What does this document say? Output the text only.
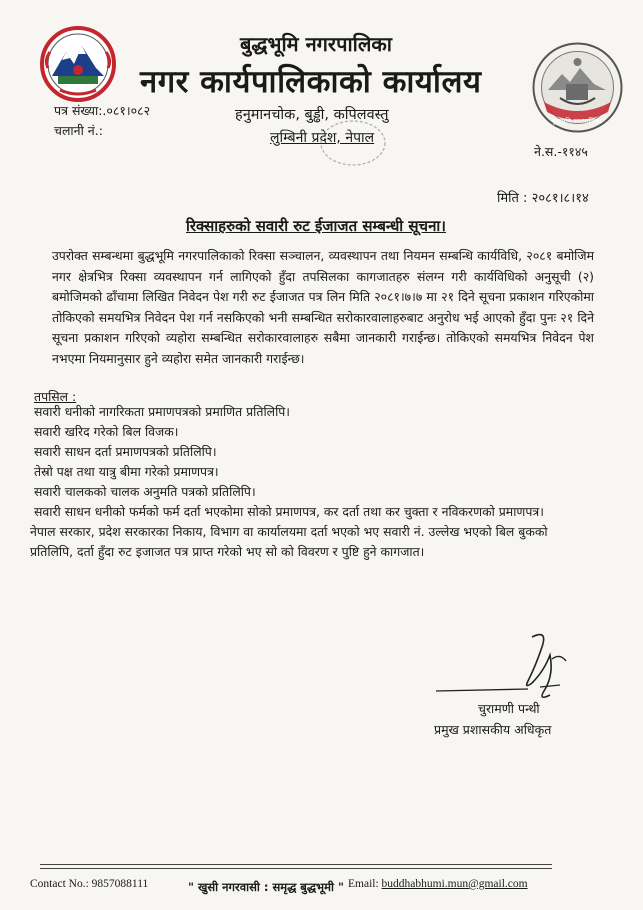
बुद्धभूमि नगरपालिका
बुद्धभूमि नगरपालिका
नगर कार्यपालिकाको कार्यालय
हनुमानचोक, बुड्ढी, कपिलवस्तु
लुम्बिनी प्रदेश, नेपाल
पत्र संख्या:.०८१।०८२
चलानी नं.:
ने.स.-११४५
मिति : २०८१।८।१४
रिक्साहरुको सवारी रुट ईजाजत सम्बन्धी सूचना।

उपरोक्त सम्बन्धमा बुद्धभूमि नगरपालिकाको रिक्सा सञ्चालन, व्यवस्थापन तथा नियमन सम्बन्धि कार्यविधि, २०८१ बमोजिम नगर क्षेत्रभित्र रिक्सा व्यवस्थापन गर्न लागिएको हुँदा तपसिलका कागजातहरु संलग्न गरी कार्यविधिको अनुसूची (२) बमोजिमको ढाँचामा लिखित निवेदन पेश गरी रुट ईजाजत पत्र लिन मिति २०८१।७।७ मा २१ दिने सूचना प्रकाशन गरिएकोमा तोकिएको समयभित्र निवेदन पेश गर्न नसकिएको भनी सम्बन्धित सरोकारवालाहरुबाट अनुरोध भई आएको हुँदा पुनः २१ दिने सूचना प्रकाशन गरिएको व्यहोरा सम्बन्धित सरोकारवालाहरु सबैमा जानकारी गराईन्छ। तोकिएको समयभित्र निवेदन पेश नभएमा नियमानुसार हुने व्यहोरा समेत जानकारी गराईन्छ।

तपसिल :
सवारी धनीको नागरिकता प्रमाणपत्रको प्रमाणित प्रतिलिपि।
सवारी खरिद गरेको बिल विजक।
सवारी साधन दर्ता प्रमाणपत्रको प्रतिलिपि।
तेस्रो पक्ष तथा यात्रु बीमा गरेको प्रमाणपत्र।
सवारी चालकको चालक अनुमति पत्रको प्रतिलिपि।
सवारी साधन धनीको फर्मको फर्म दर्ता भएकोमा सोको प्रमाणपत्र, कर दर्ता तथा कर चुक्ता र नविकरणको प्रमाणपत्र।
नेपाल सरकार, प्रदेश सरकारका निकाय, विभाग वा कार्यालयमा दर्ता भएको भए सवारी नं. उल्लेख भएको बिल बुकको प्रतिलिपि, दर्ता हुँदा रुट इजाजत पत्र प्राप्त गरेको भए सो को विवरण र पुष्टि हुने कागजात।
चुरामणी पन्थी
प्रमुख प्रशासकीय अधिकृत
Contact No.: 9857088111	" खुसी नगरवासी : समृद्ध बुद्धभूमी " Email: buddhabhumi.mun@gmail.com
